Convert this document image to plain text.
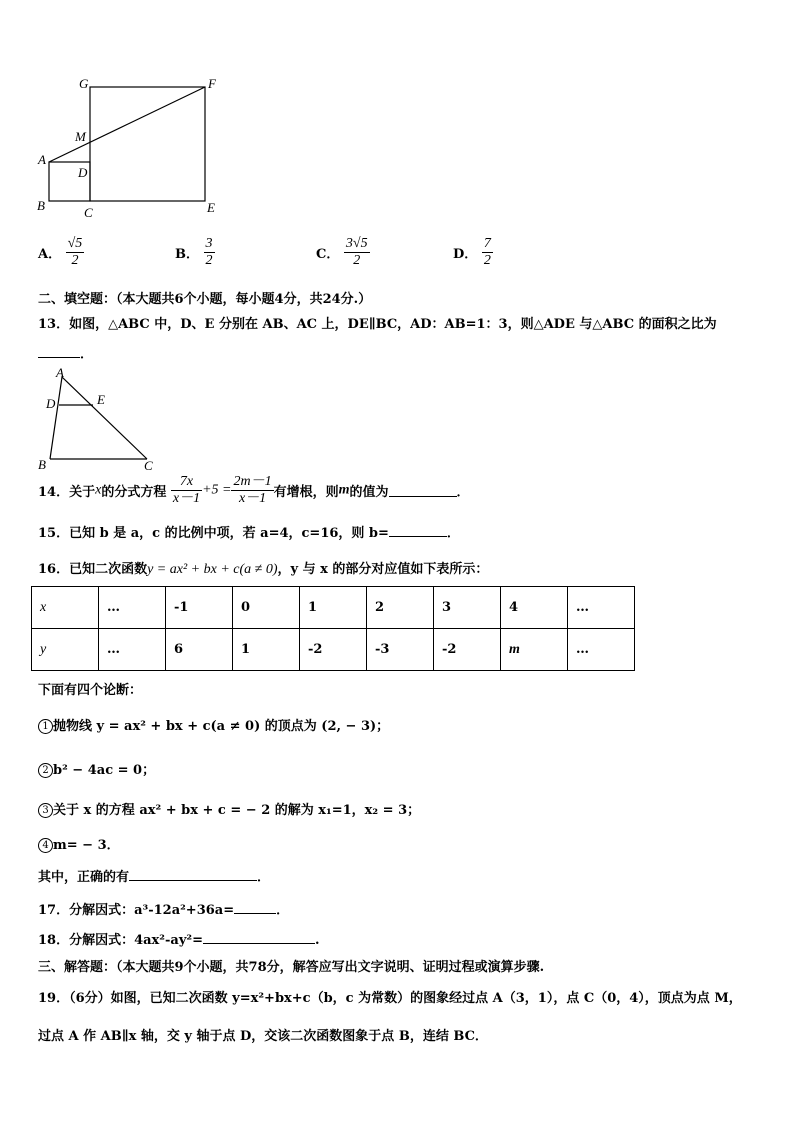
G	F
M
A
D
B	C	E
A． $\frac{√5}{2}$	B． $\frac{3}{2}$	C． $\frac{3√5}{2}$	D． $\frac{7}{2}$
二、填空题：（本大题共6个小题，每小题4分，共24分.）
13．如图，△ABC 中，D、E 分别在 AB、AC 上，DE∥BC，AD：AB=1：3，则△ADE 与△ABC 的面积之比为
．
A
D	E
B	C
14．关于x的分式方程 $\frac{7x}{x-1} +5 = \frac{2m-1}{x-1}$ 有增根，则m的值为	．
15．已知 b 是 a，c 的比例中项，若 a=4，c=16，则 b=	．
16．已知二次函数y = ax² + bx + c(a ≠ 0)，y 与 x 的部分对应值如下表所示：
x	…	-1	0	1	2	3	4	…
y	…	6	1	-2	-3	-2	m	…
下面有四个论断：
1 抛物线 y = ax² + bx + c(a ≠ 0) 的顶点为 (2, − 3)；
2 b² − 4ac = 0；
3 关于 x 的方程 ax² + bx + c = − 2 的解为 x₁=1，x₂ = 3；
4 m= − 3．
其中，正确的有	．
17．分解因式：a³-12a²+36a=	．
18．分解因式：4ax²-ay²=	.
三、解答题：（本大题共9个小题，共78分，解答应写出文字说明、证明过程或演算步骤.
19．（6分）如图，已知二次函数 y=x²+bx+c（b，c 为常数）的图象经过点 A（3，1），点 C（0，4），顶点为点 M，
过点 A 作 AB∥x 轴，交 y 轴于点 D，交该二次函数图象于点 B，连结 BC．
